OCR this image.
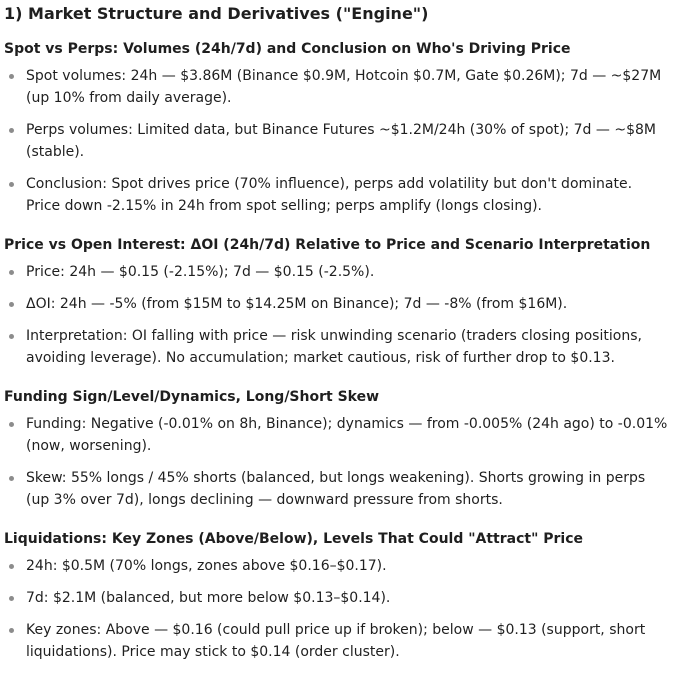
1) Market Structure and Derivatives ("Engine")
Spot vs Perps: Volumes (24h/7d) and Conclusion on Who's Driving Price
Spot volumes: 24h — $3.86M (Binance $0.9M, Hotcoin $0.7M, Gate $0.26M); 7d — ~$27M (up 10% from daily average).
Perps volumes: Limited data, but Binance Futures ~$1.2M/24h (30% of spot); 7d — ~$8M (stable).
Conclusion: Spot drives price (70% influence), perps add volatility but don't dominate. Price down -2.15% in 24h from spot selling; perps amplify (longs closing).
Price vs Open Interest: ΔOI (24h/7d) Relative to Price and Scenario Interpretation
Price: 24h — $0.15 (-2.15%); 7d — $0.15 (-2.5%).
ΔOI: 24h — -5% (from $15M to $14.25M on Binance); 7d — -8% (from $16M).
Interpretation: OI falling with price — risk unwinding scenario (traders closing positions, avoiding leverage). No accumulation; market cautious, risk of further drop to $0.13.
Funding Sign/Level/Dynamics, Long/Short Skew
Funding: Negative (-0.01% on 8h, Binance); dynamics — from -0.005% (24h ago) to -0.01% (now, worsening).
Skew: 55% longs / 45% shorts (balanced, but longs weakening). Shorts growing in perps (up 3% over 7d), longs declining — downward pressure from shorts.
Liquidations: Key Zones (Above/Below), Levels That Could "Attract" Price
24h: $0.5M (70% longs, zones above $0.16–$0.17).
7d: $2.1M (balanced, but more below $0.13–$0.14).
Key zones: Above — $0.16 (could pull price up if broken); below — $0.13 (support, short liquidations). Price may stick to $0.14 (order cluster).
